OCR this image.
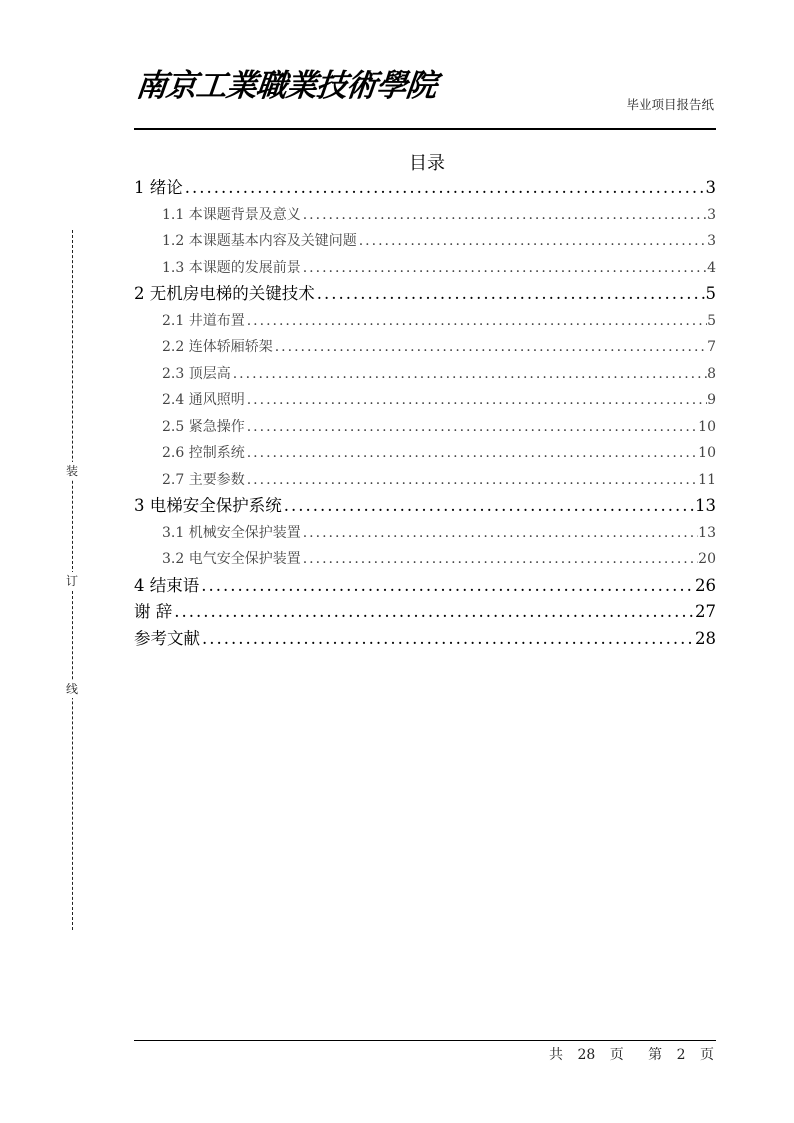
南京工業職業技術學院
毕业项目报告纸
目录
1 绪论 .....	3
1.1 本课题背景及意义 .....	3
1.2 本课题基本内容及关键问题 .....	3
1.3 本课题的发展前景 .....	4
2 无机房电梯的关键技术 .....	5
2.1 井道布置 .....	5
2.2 连体轿厢轿架 .....	7
2.3 顶层高 .....	8
2.4 通风照明 .....	9
2.5 紧急操作 .....	10
2.6 控制系统 .....	10
2.7 主要参数 .....	11
3 电梯安全保护系统 .....	13
3.1 机械安全保护装置 .....	13
3.2 电气安全保护装置 .....	20
4 结束语 .....	26
谢 辞 .....	27
参考文献 .....	28
装
订
线
共 28 页 第 2 页
